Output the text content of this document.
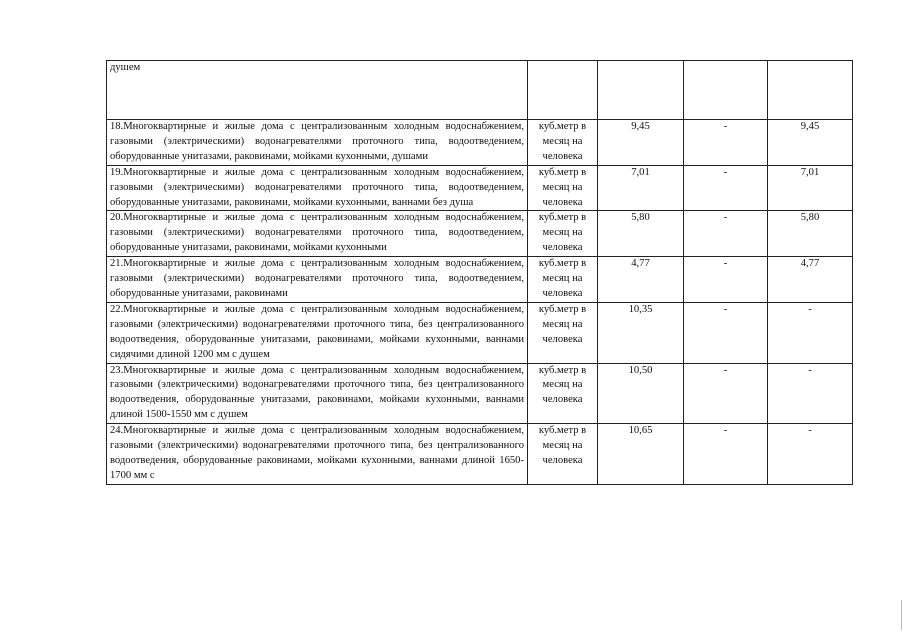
душем				
18.Многоквартирные и жилые дома с централизованным холодным водоснабжением, газовыми (электрическими) водонагревателями проточного типа, водоотведением, оборудованные унитазами, раковинами, мойками кухонными, душами	куб.метр в месяц на человека	9,45	-	9,45
19.Многоквартирные и жилые дома с централизованным холодным водоснабжением, газовыми (электрическими) водонагревателями проточного типа, водоотведением, оборудованные унитазами, раковинами, мойками кухонными, ваннами без душа	куб.метр в месяц на человека	7,01	-	7,01
20.Многоквартирные и жилые дома с централизованным холодным водоснабжением, газовыми (электрическими) водонагревателями проточного типа, водоотведением, оборудованные унитазами, раковинами, мойками кухонными	куб.метр в месяц на человека	5,80	-	5,80
21.Многоквартирные и жилые дома с централизованным холодным водоснабжением, газовыми (электрическими) водонагревателями проточного типа, водоотведением, оборудованные унитазами, раковинами	куб.метр в месяц на человека	4,77	-	4,77
22.Многоквартирные и жилые дома с централизованным холодным водоснабжением, газовыми (электрическими) водонагревателями проточного типа, без централизованного водоотведения, оборудованные унитазами, раковинами, мойками кухонными, ваннами сидячими длиной 1200 мм с душем	куб.метр в месяц на человека	10,35	-	-
23.Многоквартирные и жилые дома с централизованным холодным водоснабжением, газовыми (электрическими) водонагревателями проточного типа, без централизованного водоотведения, оборудованные унитазами, раковинами, мойками кухонными, ваннами длиной 1500-1550 мм с душем	куб.метр в месяц на человека	10,50	-	-
24.Многоквартирные и жилые дома с централизованным холодным водоснабжением, газовыми (электрическими) водонагревателями проточного типа, без централизованного водоотведения, оборудованные раковинами, мойками кухонными, ваннами длиной 1650-1700 мм с	куб.метр в месяц на человека	10,65	-	-
